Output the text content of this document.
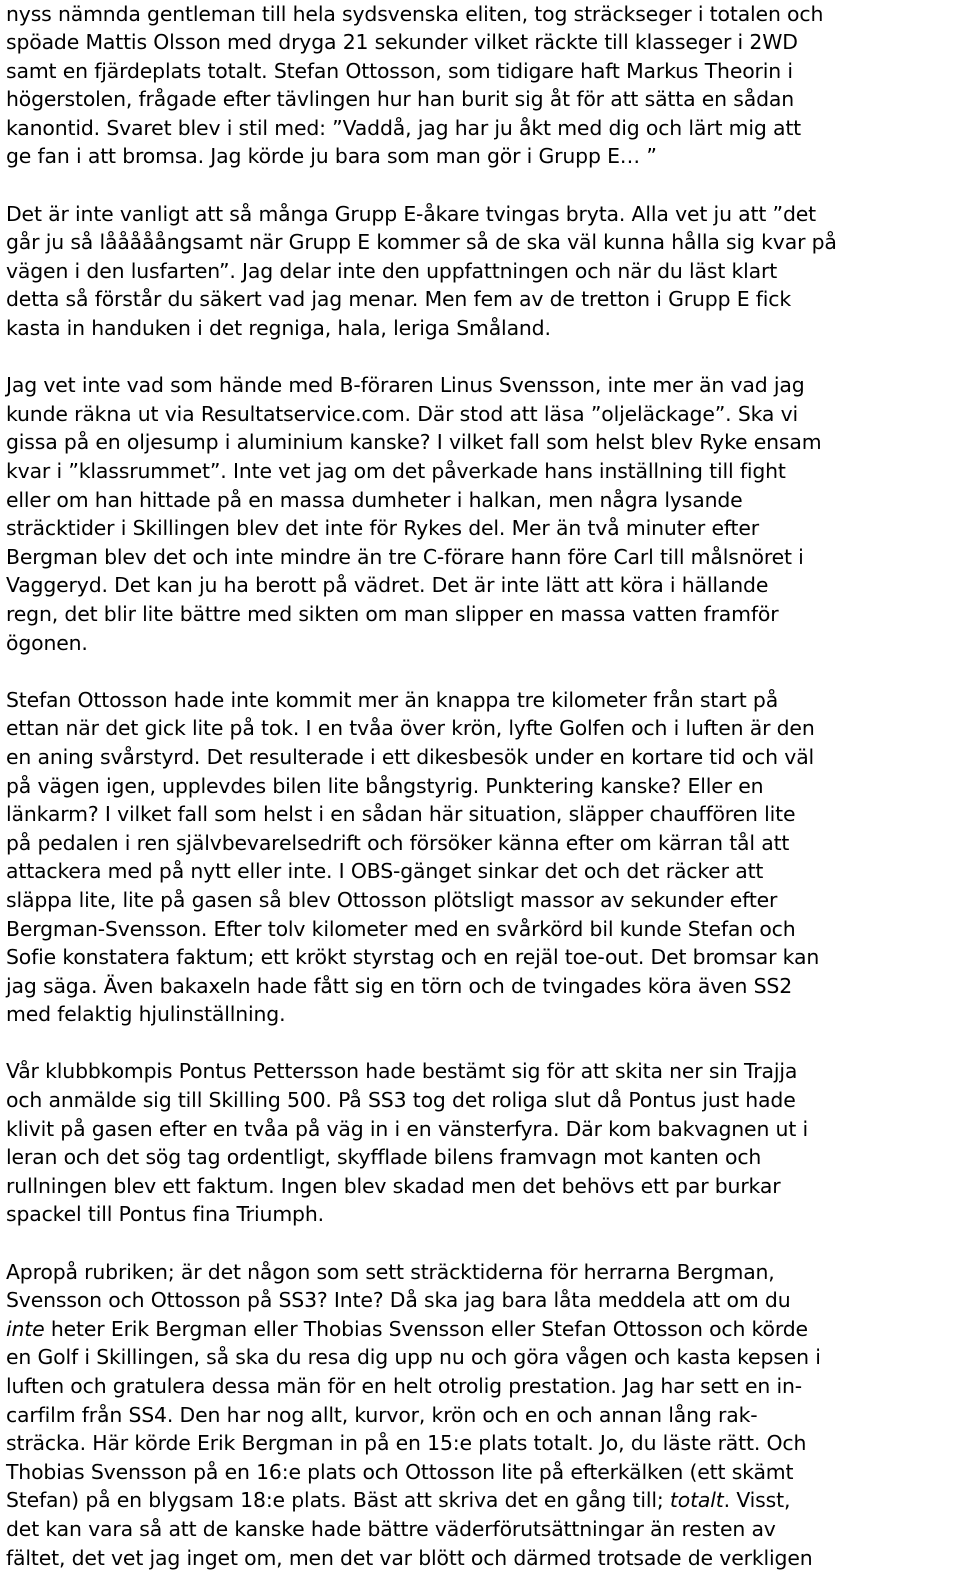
nyss nämnda gentleman till hela sydsvenska eliten, tog sträckseger i totalen och
spöade Mattis Olsson med dryga 21 sekunder vilket räckte till klasseger i 2WD
samt en fjärdeplats totalt. Stefan Ottosson, som tidigare haft Markus Theorin i
högerstolen, frågade efter tävlingen hur han burit sig åt för att sätta en sådan
kanontid. Svaret blev i stil med: ”Vaddå, jag har ju åkt med dig och lärt mig att
ge fan i att bromsa. Jag körde ju bara som man gör i Grupp E… ”
Det är inte vanligt att så många Grupp E-åkare tvingas bryta. Alla vet ju att ”det
går ju så lååååångsamt när Grupp E kommer så de ska väl kunna hålla sig kvar på
vägen i den lusfarten”. Jag delar inte den uppfattningen och när du läst klart
detta så förstår du säkert vad jag menar. Men fem av de tretton i Grupp E fick
kasta in handuken i det regniga, hala, leriga Småland.
Jag vet inte vad som hände med B-föraren Linus Svensson, inte mer än vad jag
kunde räkna ut via Resultatservice.com. Där stod att läsa ”oljeläckage”. Ska vi
gissa på en oljesump i aluminium kanske? I vilket fall som helst blev Ryke ensam
kvar i ”klassrummet”. Inte vet jag om det påverkade hans inställning till fight
eller om han hittade på en massa dumheter i halkan, men några lysande
sträcktider i Skillingen blev det inte för Rykes del. Mer än två minuter efter
Bergman blev det och inte mindre än tre C-förare hann före Carl till målsnöret i
Vaggeryd. Det kan ju ha berott på vädret. Det är inte lätt att köra i hällande
regn, det blir lite bättre med sikten om man slipper en massa vatten framför
ögonen.
Stefan Ottosson hade inte kommit mer än knappa tre kilometer från start på
ettan när det gick lite på tok. I en tvåa över krön, lyfte Golfen och i luften är den
en aning svårstyrd. Det resulterade i ett dikesbesök under en kortare tid och väl
på vägen igen, upplevdes bilen lite bångstyrig. Punktering kanske? Eller en
länkarm? I vilket fall som helst i en sådan här situation, släpper chauffören lite
på pedalen i ren självbevarelsedrift och försöker känna efter om kärran tål att
attackera med på nytt eller inte. I OBS-gänget sinkar det och det räcker att
släppa lite, lite på gasen så blev Ottosson plötsligt massor av sekunder efter
Bergman-Svensson. Efter tolv kilometer med en svårkörd bil kunde Stefan och
Sofie konstatera faktum; ett krökt styrstag och en rejäl toe-out. Det bromsar kan
jag säga. Även bakaxeln hade fått sig en törn och de tvingades köra även SS2
med felaktig hjulinställning.
Vår klubbkompis Pontus Pettersson hade bestämt sig för att skita ner sin Trajja
och anmälde sig till Skilling 500. På SS3 tog det roliga slut då Pontus just hade
klivit på gasen efter en tvåa på väg in i en vänsterfyra. Där kom bakvagnen ut i
leran och det sög tag ordentligt, skyfflade bilens framvagn mot kanten och
rullningen blev ett faktum. Ingen blev skadad men det behövs ett par burkar
spackel till Pontus fina Triumph.
Apropå rubriken; är det någon som sett sträcktiderna för herrarna Bergman,
Svensson och Ottosson på SS3? Inte? Då ska jag bara låta meddela att om du
inte heter Erik Bergman eller Thobias Svensson eller Stefan Ottosson och körde
en Golf i Skillingen, så ska du resa dig upp nu och göra vågen och kasta kepsen i
luften och gratulera dessa män för en helt otrolig prestation. Jag har sett en in-
carfilm från SS4. Den har nog allt, kurvor, krön och en och annan lång rak-
sträcka. Här körde Erik Bergman in på en 15:e plats totalt. Jo, du läste rätt. Och
Thobias Svensson på en 16:e plats och Ottosson lite på efterkälken (ett skämt
Stefan) på en blygsam 18:e plats. Bäst att skriva det en gång till; totalt. Visst,
det kan vara så att de kanske hade bättre väderförutsättningar än resten av
fältet, det vet jag inget om, men det var blött och därmed trotsade de verkligen
